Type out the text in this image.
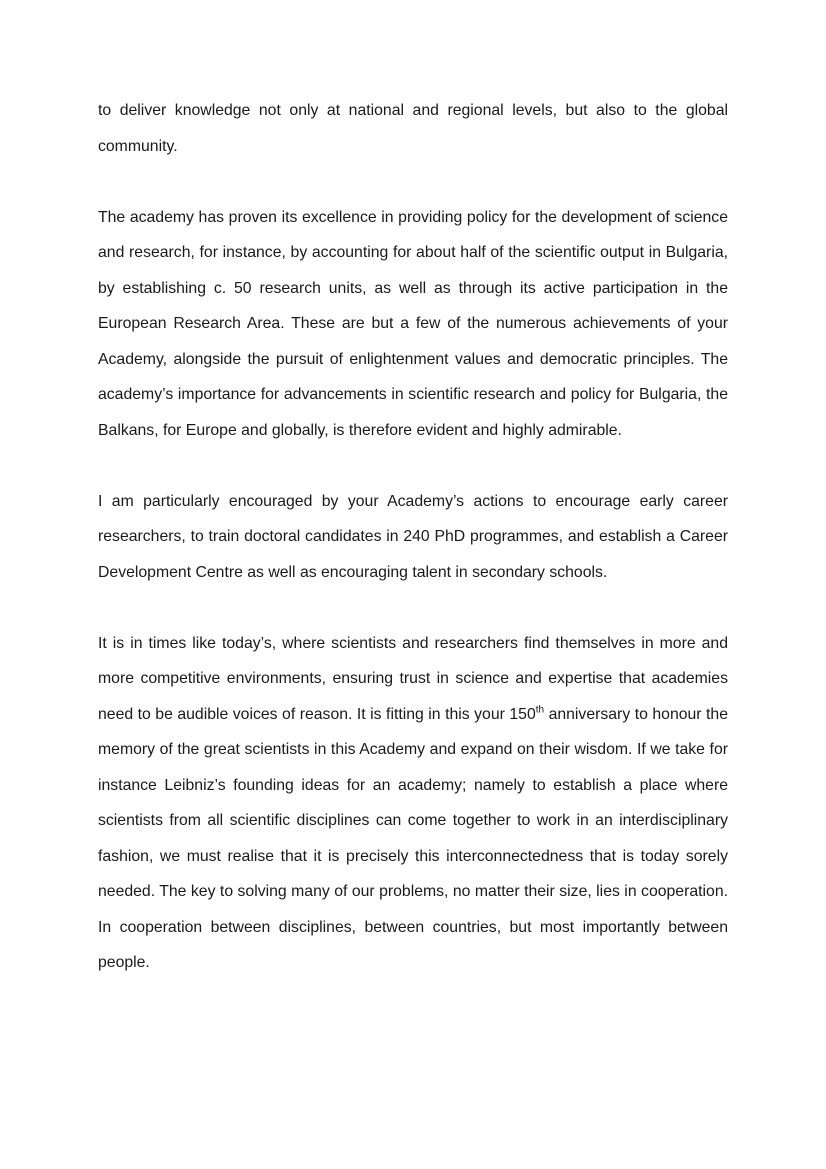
to deliver knowledge not only at national and regional levels, but also to the global community.

The academy has proven its excellence in providing policy for the development of science and research, for instance, by accounting for about half of the scientific output in Bulgaria, by establishing c. 50 research units, as well as through its active participation in the European Research Area. These are but a few of the numerous achievements of your Academy, alongside the pursuit of enlightenment values and democratic principles. The academy’s importance for advancements in scientific research and policy for Bulgaria, the Balkans, for Europe and globally, is therefore evident and highly admirable.

I am particularly encouraged by your Academy’s actions to encourage early career researchers, to train doctoral candidates in 240 PhD programmes, and establish a Career Development Centre as well as encouraging talent in secondary schools.

It is in times like today’s, where scientists and researchers find themselves in more and more competitive environments, ensuring trust in science and expertise that academies need to be audible voices of reason. It is fitting in this your 150th anniversary to honour the memory of the great scientists in this Academy and expand on their wisdom. If we take for instance Leibniz’s founding ideas for an academy; namely to establish a place where scientists from all scientific disciplines can come together to work in an interdisciplinary fashion, we must realise that it is precisely this interconnectedness that is today sorely needed. The key to solving many of our problems, no matter their size, lies in cooperation. In cooperation between disciplines, between countries, but most importantly between people.
